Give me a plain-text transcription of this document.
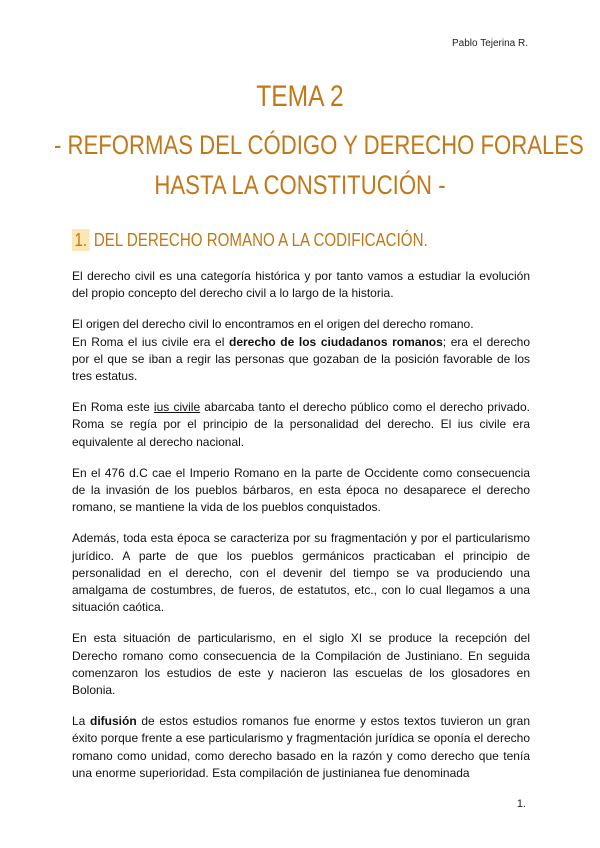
Pablo Tejerina R.
TEMA 2
- REFORMAS DEL CÓDIGO Y DERECHO FORALES
HASTA LA CONSTITUCIÓN -
1. DEL DERECHO ROMANO A LA CODIFICACIÓN.

El derecho civil es una categoría histórica y por tanto vamos a estudiar la evolución del propio concepto del derecho civil a lo largo de la historia.

El origen del derecho civil lo encontramos en el origen del derecho romano.

En Roma el ius civile era el derecho de los ciudadanos romanos; era el derecho por el que se iban a regir las personas que gozaban de la posición favorable de los tres estatus.

En Roma este ius civile abarcaba tanto el derecho público como el derecho privado. Roma se regía por el principio de la personalidad del derecho. El ius civile era equivalente al derecho nacional.

En el 476 d.C cae el Imperio Romano en la parte de Occidente como consecuencia de la invasión de los pueblos bárbaros, en esta época no desaparece el derecho romano, se mantiene la vida de los pueblos conquistados.

Además, toda esta época se caracteriza por su fragmentación y por el particularismo jurídico. A parte de que los pueblos germánicos practicaban el principio de personalidad en el derecho, con el devenir del tiempo se va produciendo una amalgama de costumbres, de fueros, de estatutos, etc., con lo cual llegamos a una situación caótica.

En esta situación de particularismo, en el siglo XI se produce la recepción del Derecho romano como consecuencia de la Compilación de Justiniano. En seguida comenzaron los estudios de este y nacieron las escuelas de los glosadores en Bolonia.

La difusión de estos estudios romanos fue enorme y estos textos tuvieron un gran éxito porque frente a ese particularismo y fragmentación jurídica se oponía el derecho romano como unidad, como derecho basado en la razón y como derecho que tenía una enorme superioridad. Esta compilación de justinianea fue denominada

1.
